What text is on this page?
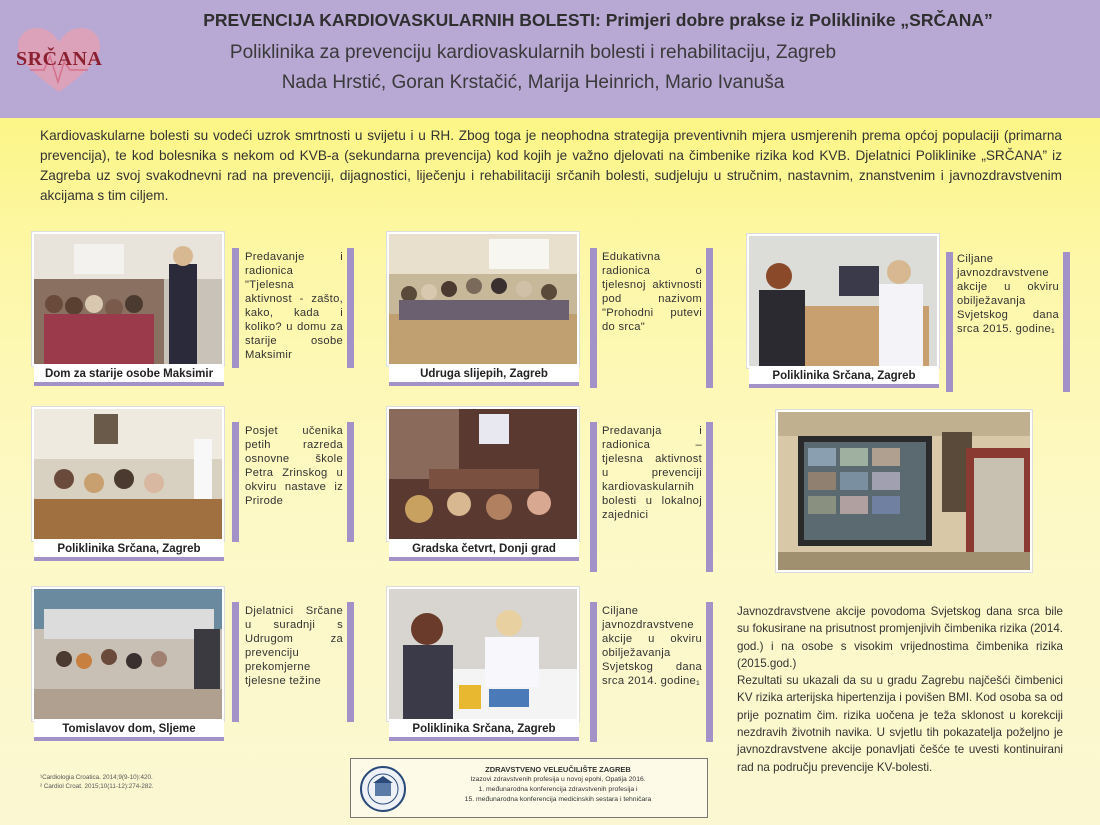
SRČANA
PREVENCIJA KARDIOVASKULARNIH BOLESTI: Primjeri dobre prakse iz Poliklinike „SRČANA”
Poliklinika za prevenciju kardiovaskularnih bolesti i rehabilitaciju, Zagreb
Nada Hrstić, Goran Krstačić, Marija Heinrich, Mario Ivanuša
Kardiovaskularne bolesti su vodeći uzrok smrtnosti u svijetu i u RH. Zbog toga je neophodna strategija preventivnih mjera usmjerenih prema općoj populaciji (primarna prevencija), te kod bolesnika s nekom od KVB-a (sekundarna prevencija) kod kojih je važno djelovati na čimbenike rizika kod KVB. Djelatnici Poliklinike „SRČANA” iz Zagreba uz svoj svakodnevni rad na prevenciji, dijagnostici, liječenju i rehabilitaciji srčanih bolesti, sudjeluju u stručnim, nastavnim, znanstvenim i javnozdravstvenim akcijama s tim ciljem.
Dom za starije osobe Maksimir
Predavanje i radionica "Tjelesna aktivnost - zašto, kako, kada i koliko? u domu za starije osobe Maksimir
Udruga slijepih, Zagreb
Edukativna radionica o tjelesnoj aktivnosti pod nazivom "Prohodni putevi do srca"
Poliklinika Srčana, Zagreb
Ciljane javnozdravstvene akcije u okviru obilježavanja Svjetskog dana srca 2015. godine₁
Poliklinika Srčana, Zagreb
Posjet učenika petih razreda osnovne škole Petra Zrinskog u okviru nastave iz Prirode
Gradska četvrt, Donji grad
Predavanja i radionica – tjelesna aktivnost u prevenciji kardiovaskularnih bolesti u lokalnoj zajednici
Tomislavov dom, Sljeme
Djelatnici Srčane u suradnji s Udrugom za prevenciju prekomjerne tjelesne težine
Poliklinika Srčana, Zagreb
Ciljane javnozdravstvene akcije u okviru obilježavanja Svjetskog dana srca 2014. godine₁

Javnozdravstvene akcije povodoma Svjetskog dana srca bile su fokusirane na prisutnost promjenjivih čimbenika rizika (2014. god.) i na osobe s visokim vrijednostima čimbenika rizika (2015.god.)

Rezultati su ukazali da su u gradu Zagrebu najčešći čimbenici KV rizika arterijska hipertenzija i povišen BMI. Kod osoba sa od prije poznatim čim. rizika uočena je teža sklonost u korekciji nezdravih životnih navika. U svjetlu tih pokazatelja poželjno je javnozdravstvene akcije ponavljati češće te uvesti kontinuirani rad na području prevencije KV-bolesti.

¹Cardiologia Croatica. 2014;9(9-10):420.
² Cardiol Croat. 2015;10(11-12):274-282.
ZDRAVSTVENO VELEUČILIŠTE ZAGREB
Izazovi zdravstvenih profesija u novoj epohi, Opatija 2016.
1. međunarodna konferencija zdravstvenih profesija i
15. međunarodna konferencija medicinskih sestara i tehničara
